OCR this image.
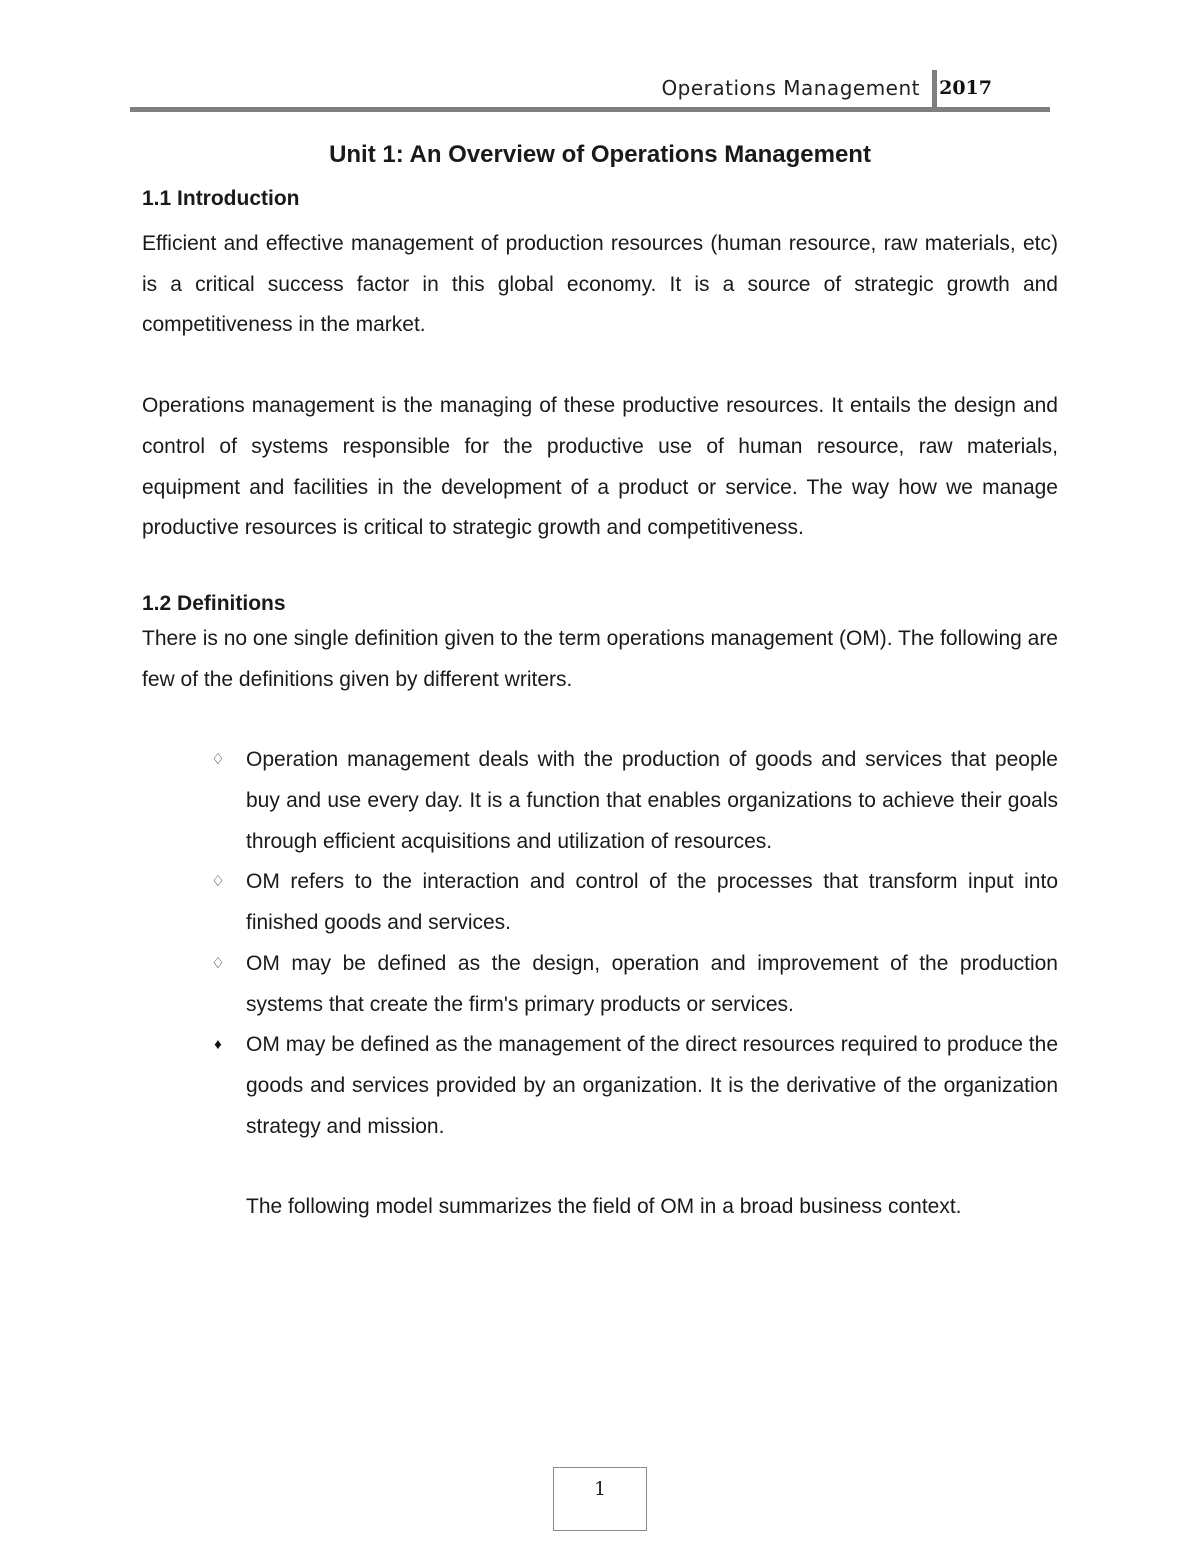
Operations Management 2017
Unit 1: An Overview of Operations Management
1.1 Introduction

Efficient and effective management of production resources (human resource, raw materials, etc) is a critical success factor in this global economy. It is a source of strategic growth and competitiveness in the market.

Operations management is the managing of these productive resources. It entails the design and control of systems responsible for the productive use of human resource, raw materials, equipment and facilities in the development of a product or service. The way how we manage productive resources is critical to strategic growth and competitiveness.

1.2 Definitions

There is no one single definition given to the term operations management (OM). The following are few of the definitions given by different writers.

♢ Operation management deals with the production of goods and services that people buy and use every day. It is a function that enables organizations to achieve their goals through efficient acquisitions and utilization of resources.
♢ OM refers to the interaction and control of the processes that transform input into finished goods and services.
♢ OM may be defined as the design, operation and improvement of the production systems that create the firm's primary products or services.
♦ OM may be defined as the management of the direct resources required to produce the goods and services provided by an organization. It is the derivative of the organization strategy and mission.

The following model summarizes the field of OM in a broad business context.

1
